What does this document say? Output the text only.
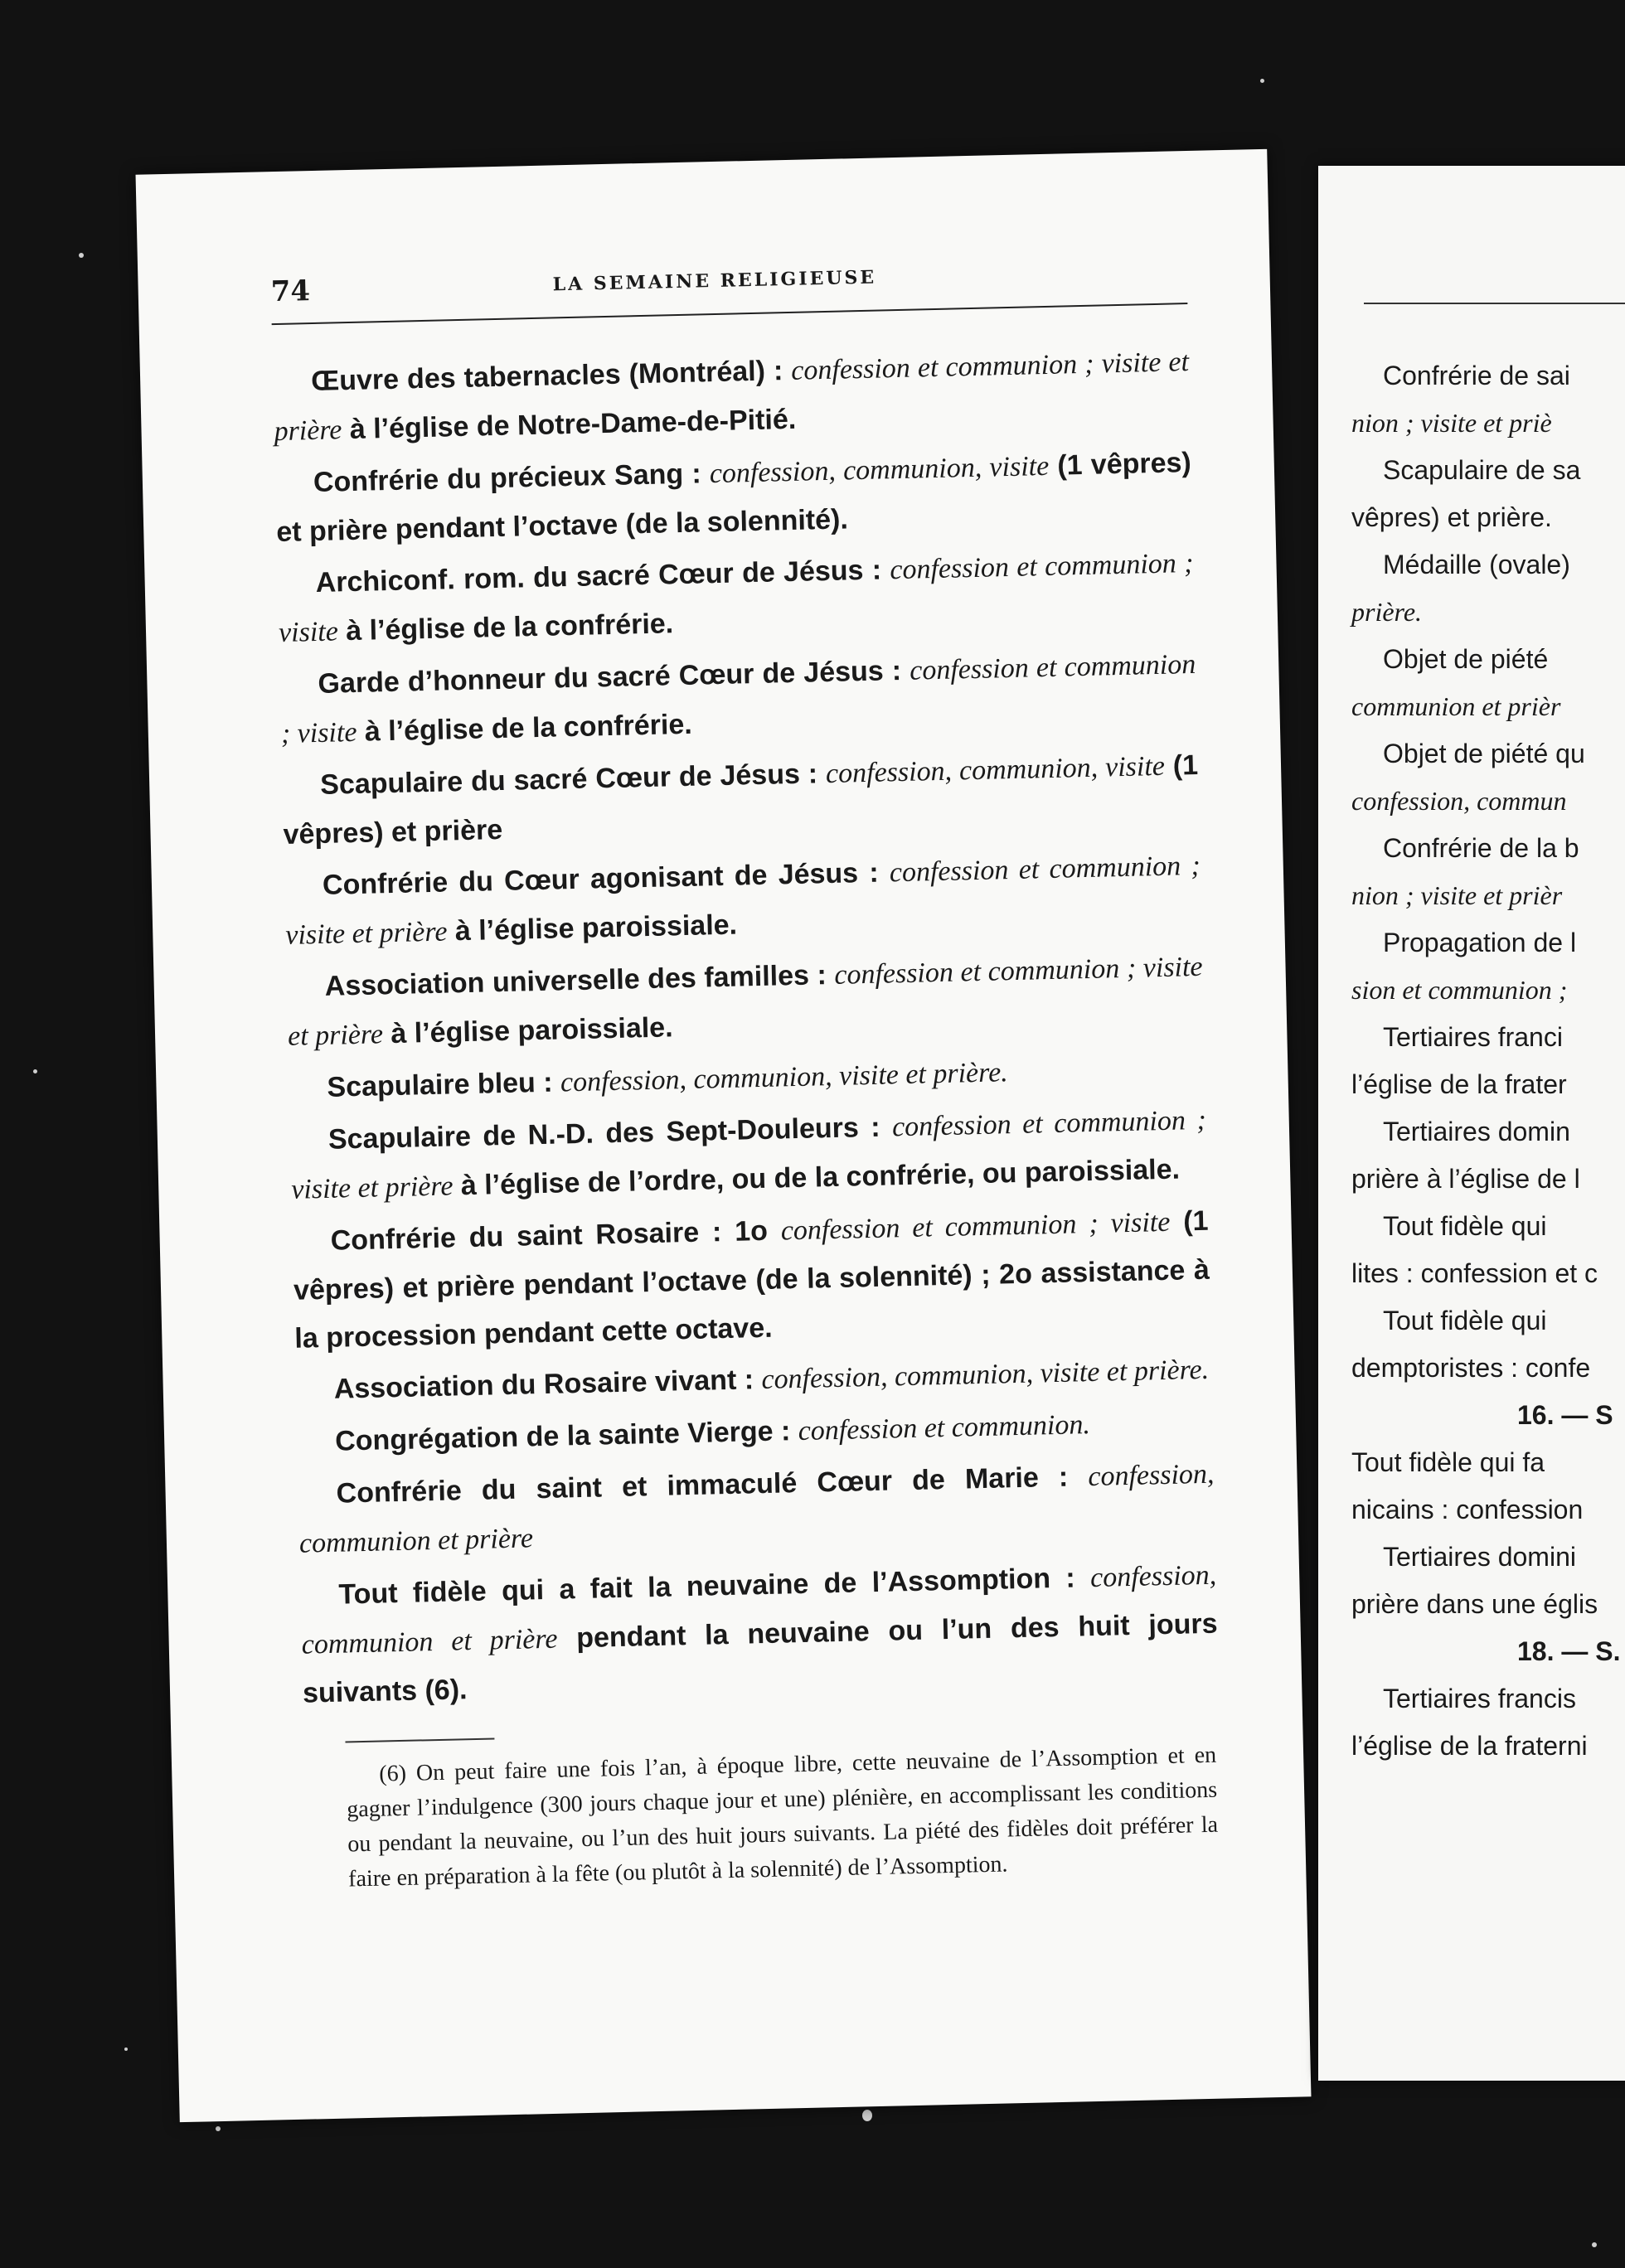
74	LA SEMAINE RELIGIEUSE

Œuvre des tabernacles (Montréal) : confession et communion ; visite et prière à l’église de Notre-Dame-de-Pitié.

Confrérie du précieux Sang : confession, communion, visite (1 vêpres) et prière pendant l’octave (de la solennité).

Archiconf. rom. du sacré Cœur de Jésus : confession et communion ; visite à l’église de la confrérie.

Garde d’honneur du sacré Cœur de Jésus : confession et communion ; visite à l’église de la confrérie.

Scapulaire du sacré Cœur de Jésus : confession, communion, visite (1 vêpres) et prière

Confrérie du Cœur agonisant de Jésus : confession et communion ; visite et prière à l’église paroissiale.

Association universelle des familles : confession et communion ; visite et prière à l’église paroissiale.

Scapulaire bleu : confession, communion, visite et prière.

Scapulaire de N.-D. des Sept-Douleurs : confession et communion ; visite et prière à l’église de l’ordre, ou de la confrérie, ou paroissiale.

Confrérie du saint Rosaire : 1o confession et communion ; visite (1 vêpres) et prière pendant l’octave (de la solennité) ; 2o assistance à la procession pendant cette octave.

Association du Rosaire vivant : confession, communion, visite et prière.

Congrégation de la sainte Vierge : confession et communion.

Confrérie du saint et immaculé Cœur de Marie : confession, communion et prière

Tout fidèle qui a fait la neuvaine de l’Assomption : confession, communion et prière pendant la neuvaine ou l’un des huit jours suivants (6).

(6) On peut faire une fois l’an, à époque libre, cette neuvaine de l’Assomption et en gagner l’indulgence (300 jours chaque jour et une) plénière, en accomplissant les conditions ou pendant la neuvaine, ou l’un des huit jours suivants. La piété des fidèles doit préférer la faire en préparation à la fête (ou plutôt à la solennité) de l’Assomption.

Confrérie de sai
nion ; visite et priè
Scapulaire de sa
vêpres) et prière.
Médaille (ovale)
prière.
Objet de piété
communion et prièr
Objet de piété qu
confession, commun
Confrérie de la b
nion ; visite et prièr
Propagation de l
sion et communion ;
Tertiaires franci
l’église de la frater
Tertiaires domin
prière à l’église de l
Tout fidèle qui
lites : confession et c
Tout fidèle qui
demptoristes : confe
16. — S
Tout fidèle qui fa
nicains : confession
Tertiaires domini
prière dans une églis
18. — S.
Tertiaires francis
l’église de la fraterni
